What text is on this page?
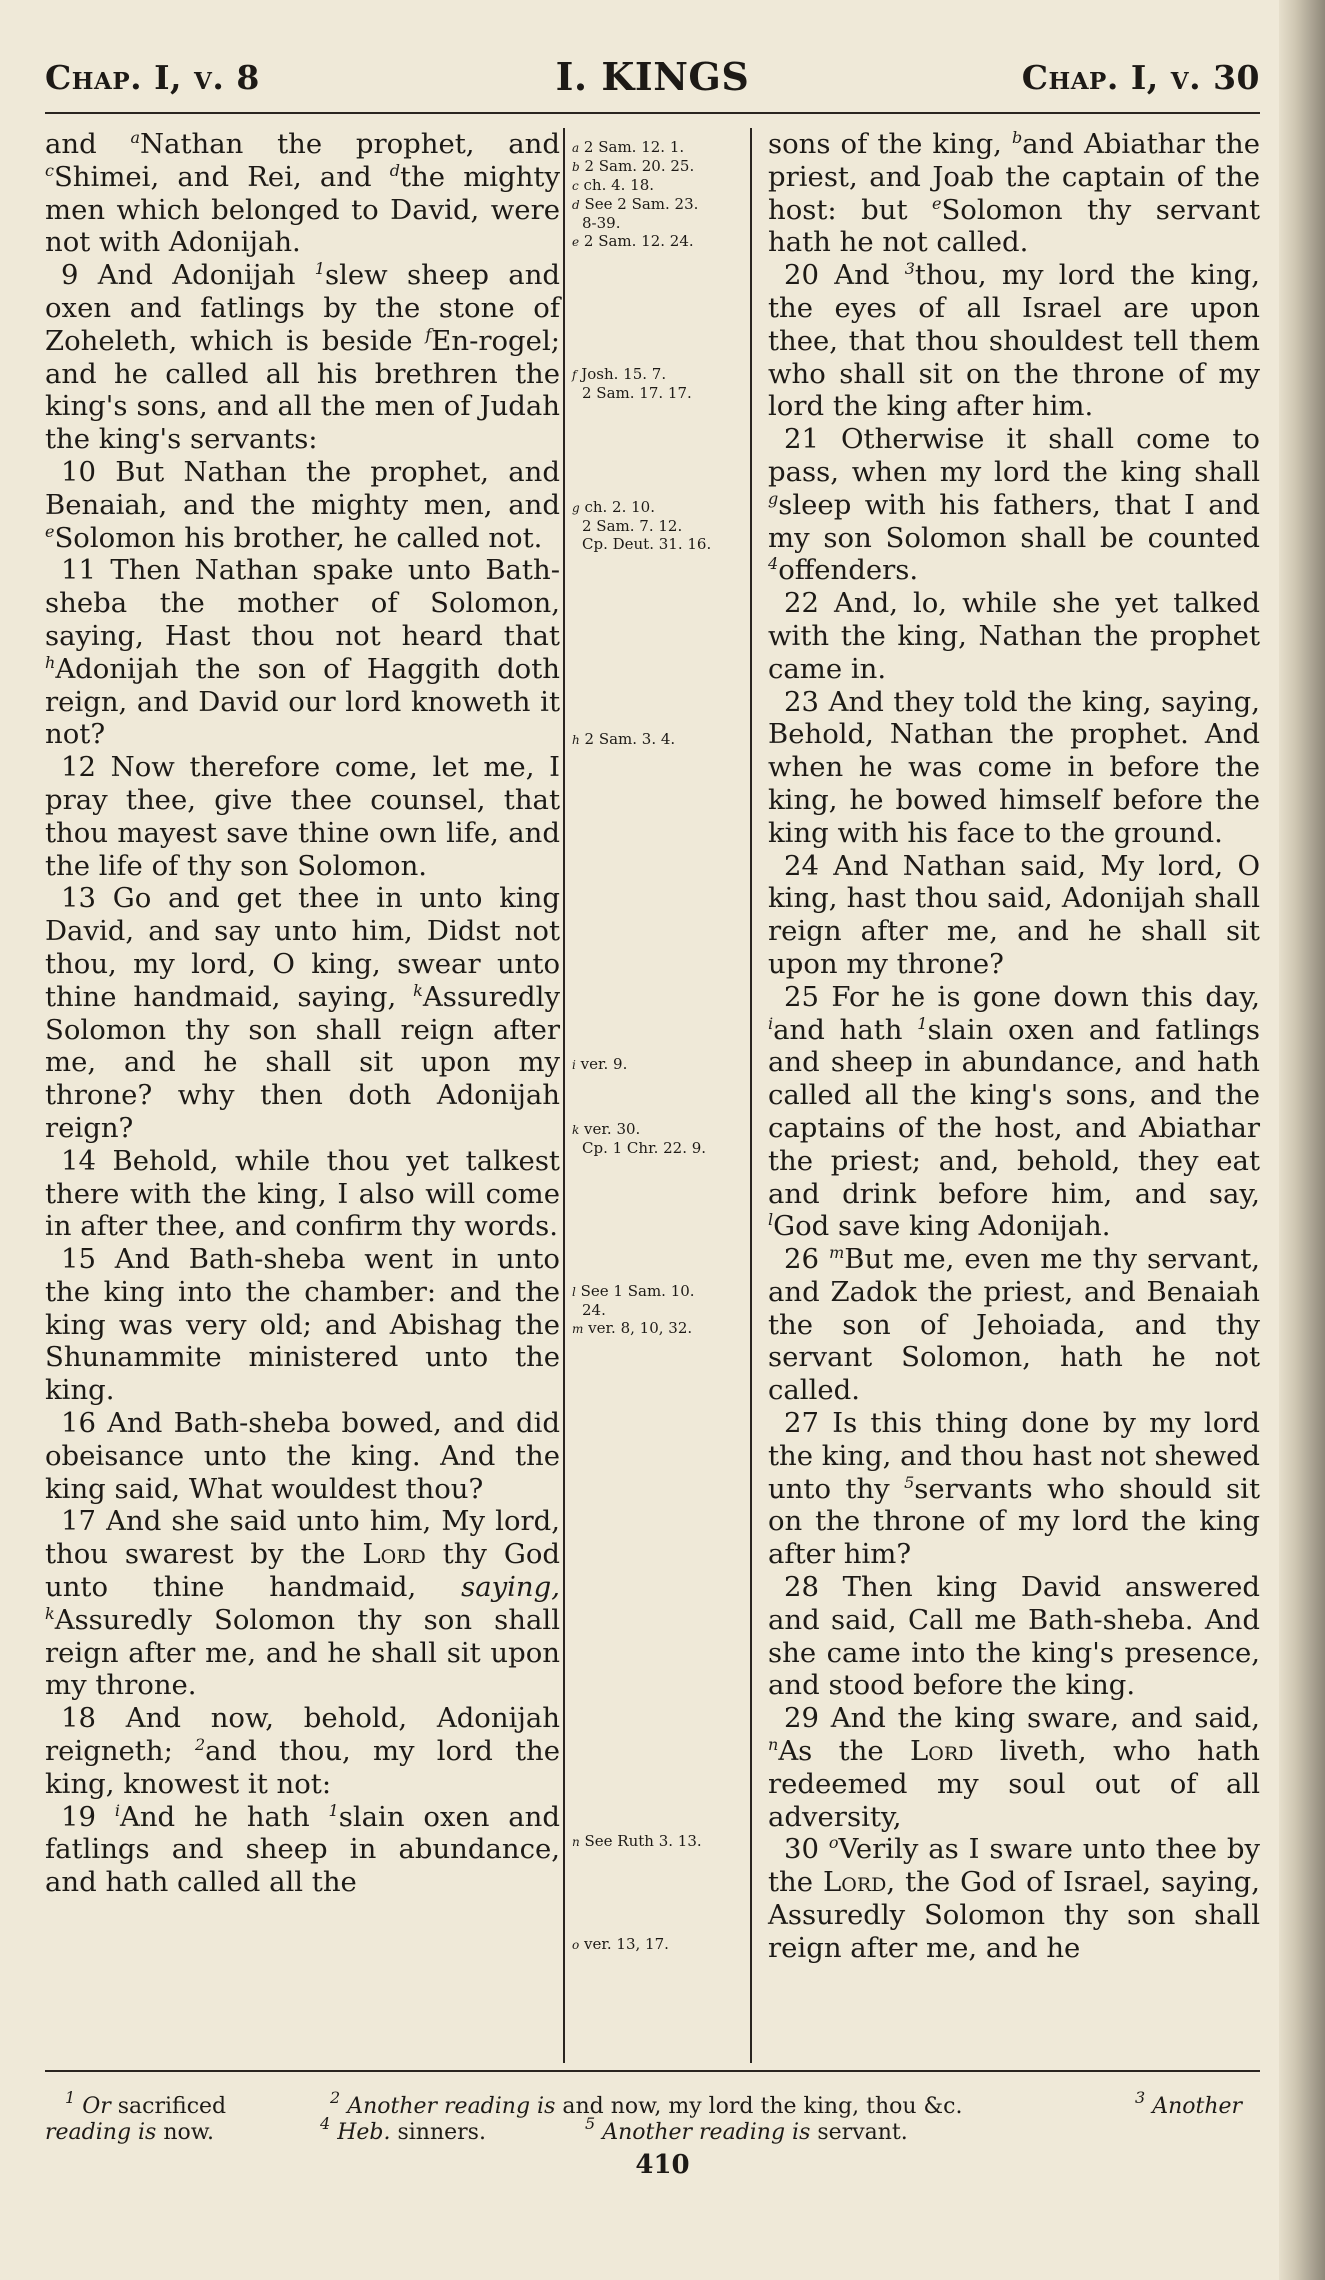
Chap. I, v. 8	I. KINGS	Chap. I, v. 30

and $^a$Nathan the prophet, and $^c$Shimei, and Rei, and $^d$the mighty men which belonged to David, were not with Adonijah.

9 And Adonijah $^1$slew sheep and oxen and fatlings by the stone of Zoheleth, which is beside $^f$En-rogel; and he called all his brethren the king's sons, and all the men of Judah the king's servants:

10 But Nathan the prophet, and Benaiah, and the mighty men, and $^e$Solomon his brother, he called not.

11 Then Nathan spake unto Bath-sheba the mother of Solomon, saying, Hast thou not heard that $^h$Adonijah the son of Haggith doth reign, and David our lord knoweth it not?

12 Now therefore come, let me, I pray thee, give thee counsel, that thou mayest save thine own life, and the life of thy son Solomon.

13 Go and get thee in unto king David, and say unto him, Didst not thou, my lord, O king, swear unto thine handmaid, saying, $^k$Assuredly Solomon thy son shall reign after me, and he shall sit upon my throne? why then doth Adonijah reign?

14 Behold, while thou yet talkest there with the king, I also will come in after thee, and confirm thy words.

15 And Bath-sheba went in unto the king into the chamber: and the king was very old; and Abishag the Shunammite ministered unto the king.

16 And Bath-sheba bowed, and did obeisance unto the king. And the king said, What wouldest thou?

17 And she said unto him, My lord, thou swarest by the Lord thy God unto thine handmaid, saying, $^k$Assuredly Solomon thy son shall reign after me, and he shall sit upon my throne.

18 And now, behold, Adonijah reigneth; $^2$and thou, my lord the king, knowest it not:

19 $^i$And he hath $^1$slain oxen and fatlings and sheep in abundance, and hath called all the

a 2 Sam. 12. 1.
b 2 Sam. 20. 25.
c ch. 4. 18.
d See 2 Sam. 23.
8-39.
e 2 Sam. 12. 24.
f Josh. 15. 7.
2 Sam. 17. 17.
g ch. 2. 10.
2 Sam. 7. 12.
Cp. Deut. 31. 16.
h 2 Sam. 3. 4.
i ver. 9.
k ver. 30.
Cp. 1 Chr. 22. 9.
l See 1 Sam. 10.
24.
m ver. 8, 10, 32.
n See Ruth 3. 13.
o ver. 13, 17.

sons of the king, $^b$and Abiathar the priest, and Joab the captain of the host: but $^e$Solomon thy servant hath he not called.

20 And $^3$thou, my lord the king, the eyes of all Israel are upon thee, that thou shouldest tell them who shall sit on the throne of my lord the king after him.

21 Otherwise it shall come to pass, when my lord the king shall $^g$sleep with his fathers, that I and my son Solomon shall be counted $^4$offenders.

22 And, lo, while she yet talked with the king, Nathan the prophet came in.

23 And they told the king, saying, Behold, Nathan the prophet. And when he was come in before the king, he bowed himself before the king with his face to the ground.

24 And Nathan said, My lord, O king, hast thou said, Adonijah shall reign after me, and he shall sit upon my throne?

25 For he is gone down this day, $^i$and hath $^1$slain oxen and fatlings and sheep in abundance, and hath called all the king's sons, and the captains of the host, and Abiathar the priest; and, behold, they eat and drink before him, and say, $^l$God save king Adonijah.

26 $^m$But me, even me thy servant, and Zadok the priest, and Benaiah the son of Jehoiada, and thy servant Solomon, hath he not called.

27 Is this thing done by my lord the king, and thou hast not shewed unto thy $^5$servants who should sit on the throne of my lord the king after him?

28 Then king David answered and said, Call me Bath-sheba. And she came into the king's presence, and stood before the king.

29 And the king sware, and said, $^n$As the Lord liveth, who hath redeemed my soul out of all adversity,

30 $^o$Verily as I sware unto thee by the Lord, the God of Israel, saying, Assuredly Solomon thy son shall reign after me, and he

$^1$ Or sacrificed	$^2$ Another reading is and now, my lord the king, thou &c.	$^3$ Another
reading is now.	$^4$ Heb. sinners.	$^5$ Another reading is servant.
410
